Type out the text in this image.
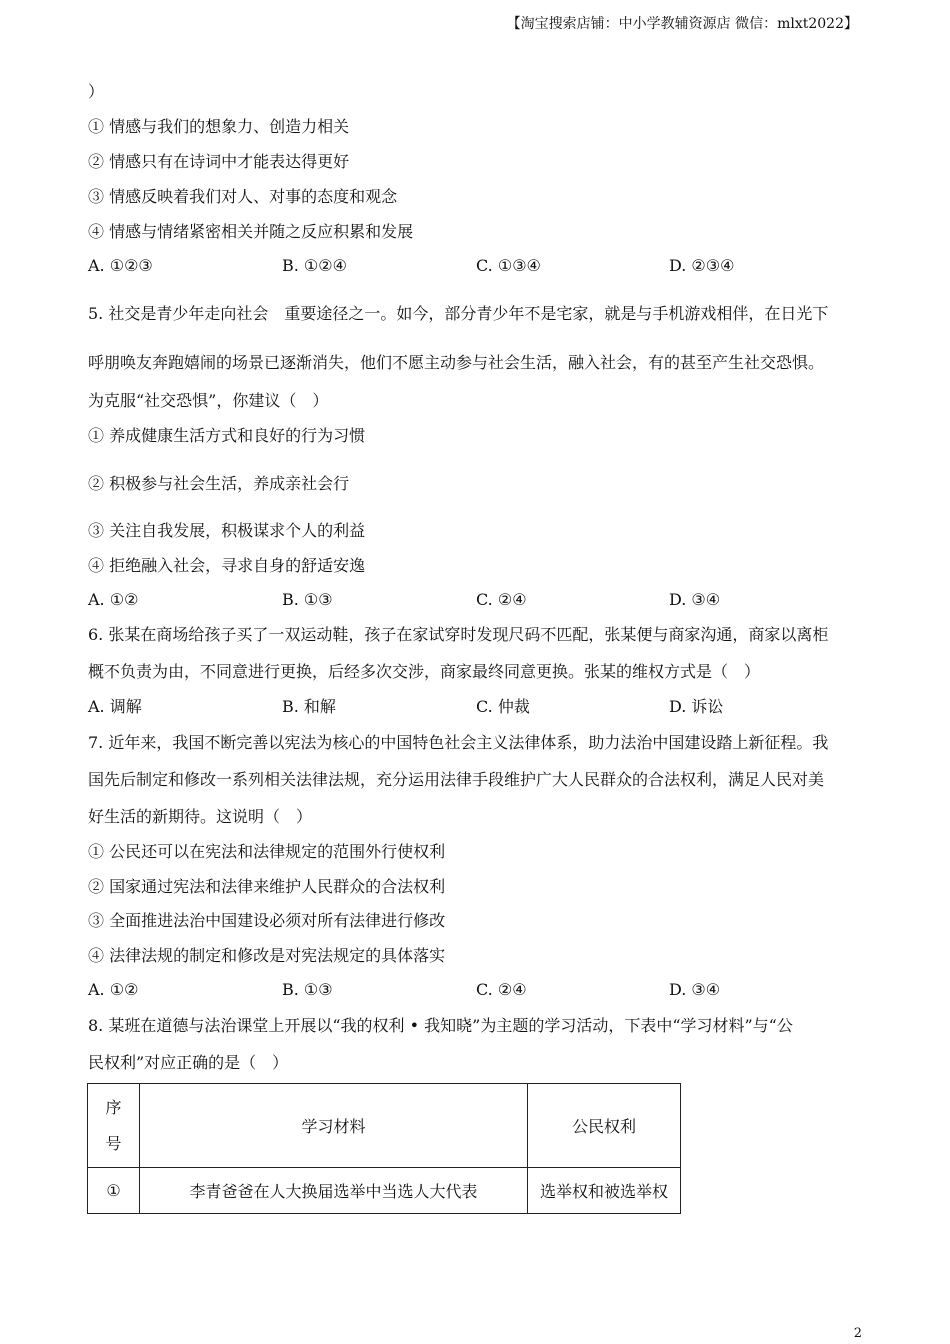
【淘宝搜索店铺：中小学教辅资源店 微信：mlxt2022】
）
① 情感与我们的想象力、创造力相关
② 情感只有在诗词中才能表达得更好
③ 情感反映着我们对人、对事的态度和观念
④ 情感与情绪紧密相关并随之反应积累和发展
A. ①②③	B. ①②④	C. ①③④	D. ②③④
5. 社交是青少年走向社会　重要途径之一。如今，部分青少年不是宅家，就是与手机游戏相伴，在日光下
呼朋唤友奔跑嬉闹的场景已逐渐消失，他们不愿主动参与社会生活，融入社会，有的甚至产生社交恐惧。
为克服“社交恐惧”，你建议（　）
① 养成健康生活方式和良好的行为习惯
② 积极参与社会生活，养成亲社会行
③ 关注自我发展，积极谋求个人的利益
④ 拒绝融入社会，寻求自身的舒适安逸
A. ①②	B. ①③	C. ②④	D. ③④
6. 张某在商场给孩子买了一双运动鞋，孩子在家试穿时发现尺码不匹配，张某便与商家沟通，商家以离柜
概不负责为由，不同意进行更换，后经多次交涉，商家最终同意更换。张某的维权方式是（　）
A. 调解	B. 和解	C. 仲裁	D. 诉讼
7. 近年来，我国不断完善以宪法为核心的中国特色社会主义法律体系，助力法治中国建设踏上新征程。我
国先后制定和修改一系列相关法律法规，充分运用法律手段维护广大人民群众的合法权利，满足人民对美
好生活的新期待。这说明（　）
① 公民还可以在宪法和法律规定的范围外行使权利
② 国家通过宪法和法律来维护人民群众的合法权利
③ 全面推进法治中国建设必须对所有法律进行修改
④ 法律法规的制定和修改是对宪法规定的具体落实
A. ①②	B. ①③	C. ②④	D. ③④
8. 某班在道德与法治课堂上开展以“我的权利 • 我知晓”为主题的学习活动，下表中“学习材料”与“公
民权利”对应正确的是（　）
序
号	学习材料	公民权利
①	李青爸爸在人大换届选举中当选人大代表	选举权和被选举权
2
